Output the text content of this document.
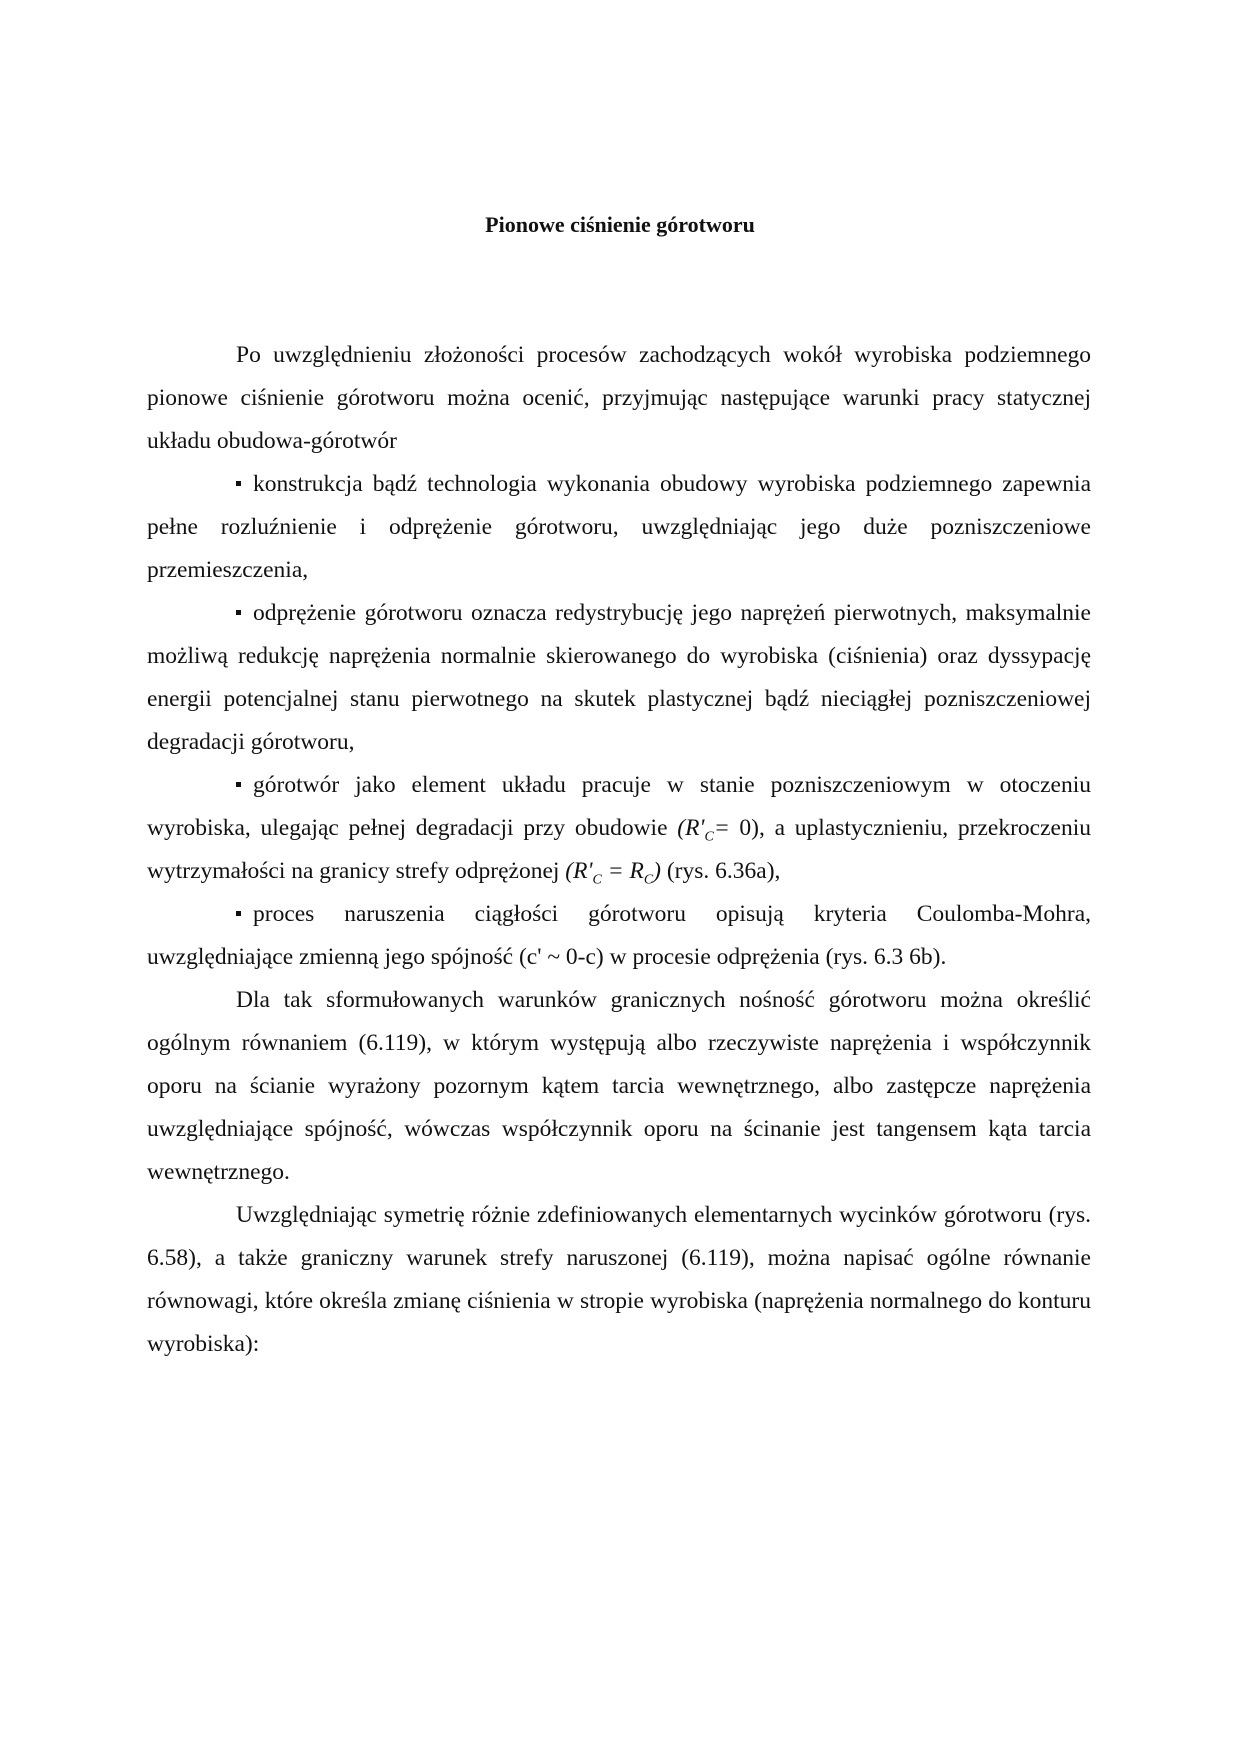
Pionowe ciśnienie górotworu

Po uwzględnieniu złożoności procesów zachodzących wokół wyrobiska podziemnego pionowe ciśnienie górotworu można ocenić, przyjmując następujące warunki pracy statycznej układu obudowa-górotwór

konstrukcja bądź technologia wykonania obudowy wyrobiska podziemnego zapewnia pełne rozluźnienie i odprężenie górotworu, uwzględniając jego duże pozniszczeniowe przemieszczenia,

odprężenie górotworu oznacza redystrybucję jego naprężeń pierwotnych, maksymalnie możliwą redukcję naprężenia normalnie skierowanego do wyrobiska (ciśnienia) oraz dyssypację energii potencjalnej stanu pierwotnego na skutek plastycznej bądź nieciągłej pozniszczeniowej degradacji górotworu,

górotwór jako element układu pracuje w stanie pozniszczeniowym w otoczeniu wyrobiska, ulegając pełnej degradacji przy obudowie $(R'_C= 0)$, a uplastycznieniu, przekroczeniu wytrzymałości na granicy strefy odprężonej $(R'_C = R_C)$ (rys. 6.36a),

proces naruszenia ciągłości górotworu opisują kryteria Coulomba-Mohra, uwzględniające zmienną jego spójność (c' ~ 0-c) w procesie odprężenia (rys. 6.3 6b).

Dla tak sformułowanych warunków granicznych nośność górotworu można określić ogólnym równaniem (6.119), w którym występują albo rzeczywiste naprężenia i współczynnik oporu na ścianie wyrażony pozornym kątem tarcia wewnętrznego, albo zastępcze naprężenia uwzględniające spójność, wówczas współczynnik oporu na ścinanie jest tangensem kąta tarcia wewnętrznego.

Uwzględniając symetrię różnie zdefiniowanych elementarnych wycinków górotworu (rys. 6.58), a także graniczny warunek strefy naruszonej (6.119), można napisać ogólne równanie równowagi, które określa zmianę ciśnienia w stropie wyrobiska (naprężenia normalnego do konturu wyrobiska):
